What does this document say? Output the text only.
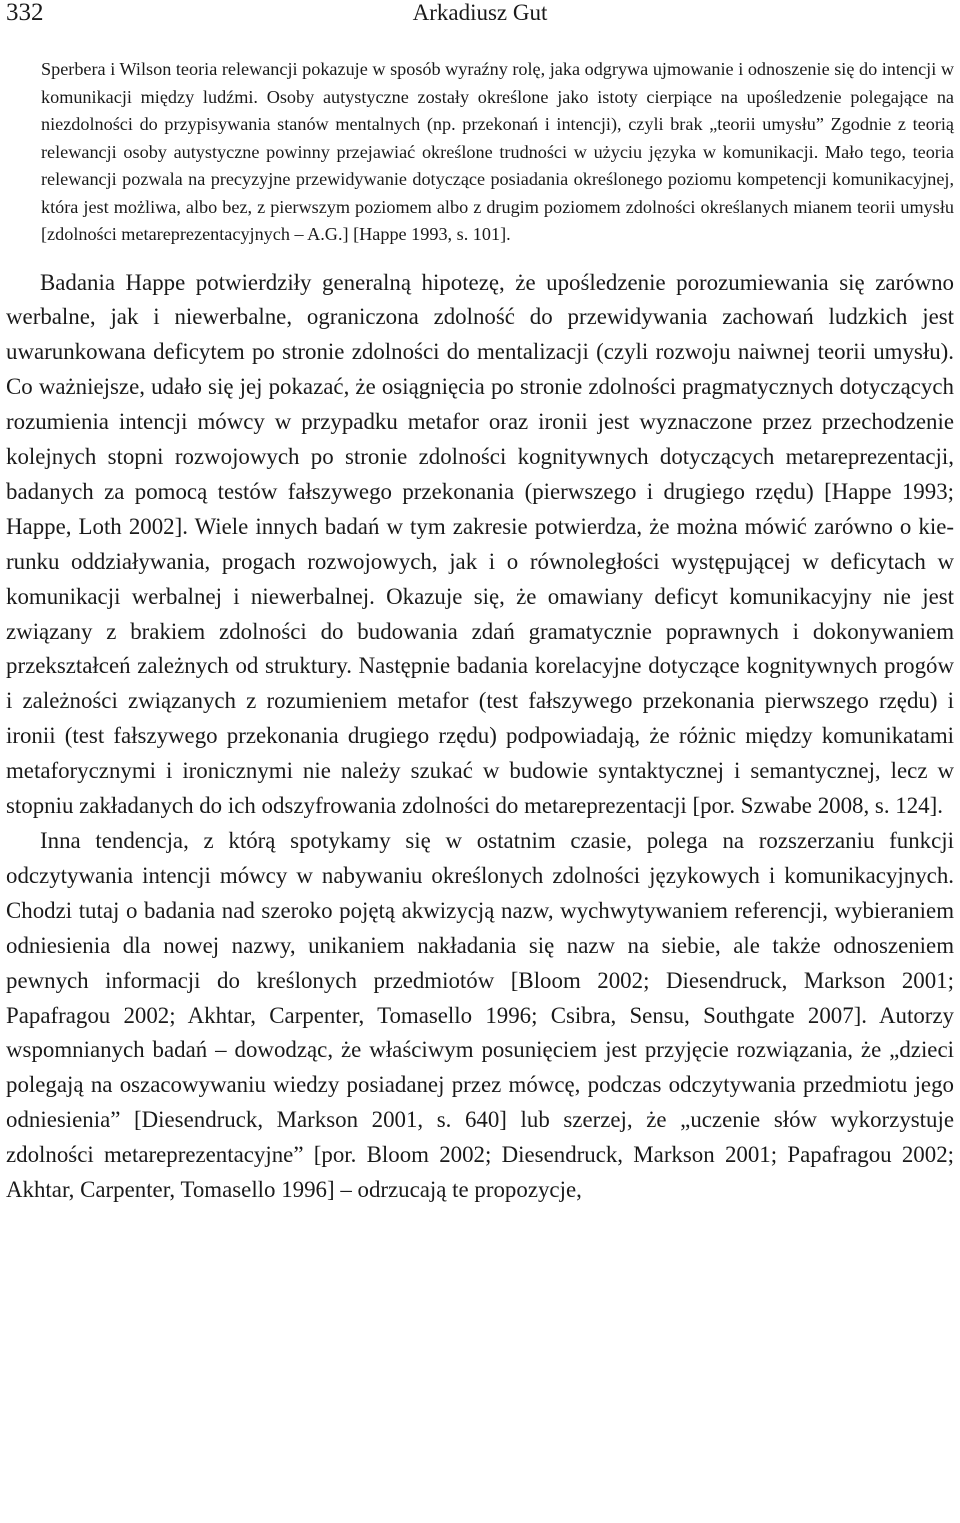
332	Arkadiusz Gut
Sperbera i Wilson teoria relewancji pokazuje w sposób wyraźny rolę, jaka odgrywa ujmowanie i odnoszenie się do intencji w komunikacji między ludźmi. Osoby autystyczne zostały określone jako istoty cierpiące na upośledzenie polegające na niezdolności do przypisywania stanów mentalnych (np. przekonań i intencji), czyli brak „teorii umysłu” Zgodnie z teorią relewancji osoby autystyczne powinny przejawiać określone trudności w użyciu języka w komunikacji. Mało tego, teoria relewancji pozwala na precyzyjne przewidywanie dotyczące posiadania określonego poziomu kompetencji komunikacyjnej, która jest możliwa, albo bez, z pierwszym poziomem albo z drugim poziomem zdolności określanych mianem teorii umysłu [zdolności metareprezentacyjnych – A.G.] [Happe 1993, s. 101].

Badania Happe potwierdziły generalną hipotezę, że upośledzenie porozumiewania się zarówno werbalne, jak i niewerbalne, ograniczona zdolność do przewidywania zachowań ludzkich jest uwarunkowana deficytem po stronie zdolności do mentalizacji (czyli rozwoju naiwnej teorii umysłu). Co ważniejsze, udało się jej pokazać, że osiągnięcia po stronie zdolności pragmatycznych dotyczących rozumienia intencji mówcy w przypadku metafor oraz ironii jest wyznaczone przez przechodzenie kolejnych stopni rozwojowych po stronie zdolności kognitywnych dotyczących metareprezentacji, badanych za pomocą testów fałszywego przekonania (pierwszego i drugiego rzędu) [Happe 1993; Happe, Loth 2002]. Wiele innych badań w tym zakresie potwierdza, że można mówić zarówno o kierunku oddziaływania, progach rozwojowych, jak i o równoległości występującej w deficytach w komunikacji werbalnej i niewerbalnej. Okazuje się, że omawiany deficyt komunikacyjny nie jest związany z brakiem zdolności do budowania zdań gramatycznie poprawnych i dokonywaniem przekształceń zależnych od struktury. Następnie badania korelacyjne dotyczące kognitywnych progów i zależności związanych z rozumieniem metafor (test fałszywego przekonania pierwszego rzędu) i ironii (test fałszywego przekonania drugiego rzędu) podpowiadają, że różnic między komunikatami metaforycznymi i ironicznymi nie należy szukać w budowie syntaktycznej i semantycznej, lecz w stopniu zakładanych do ich odszyfrowania zdolności do metareprezentacji [por. Szwabe 2008, s. 124].

Inna tendencja, z którą spotykamy się w ostatnim czasie, polega na rozszerzaniu funkcji odczytywania intencji mówcy w nabywaniu określonych zdolności językowych i komunikacyjnych. Chodzi tutaj o badania nad szeroko pojętą akwizycją nazw, wychwytywaniem referencji, wybieraniem odniesienia dla nowej nazwy, unikaniem nakładania się nazw na siebie, ale także odnoszeniem pewnych informacji do kreślonych przedmiotów [Bloom 2002; Diesendruck, Markson 2001; Papafragou 2002; Akhtar, Carpenter, Tomasello 1996; Csibra, Sensu, Southgate 2007]. Autorzy wspomnianych badań – dowodząc, że właściwym posunięciem jest przyjęcie rozwiązania, że „dzieci polegają na oszacowywaniu wiedzy posiadanej przez mówcę, podczas odczytywania przedmiotu jego odniesienia” [Diesendruck, Markson 2001, s. 640] lub szerzej, że „uczenie słów wykorzystuje zdolności metareprezentacyjne” [por. Bloom 2002; Diesendruck, Markson 2001; Papafragou 2002; Akhtar, Carpenter, Tomasello 1996] – odrzucają te propozycje,
